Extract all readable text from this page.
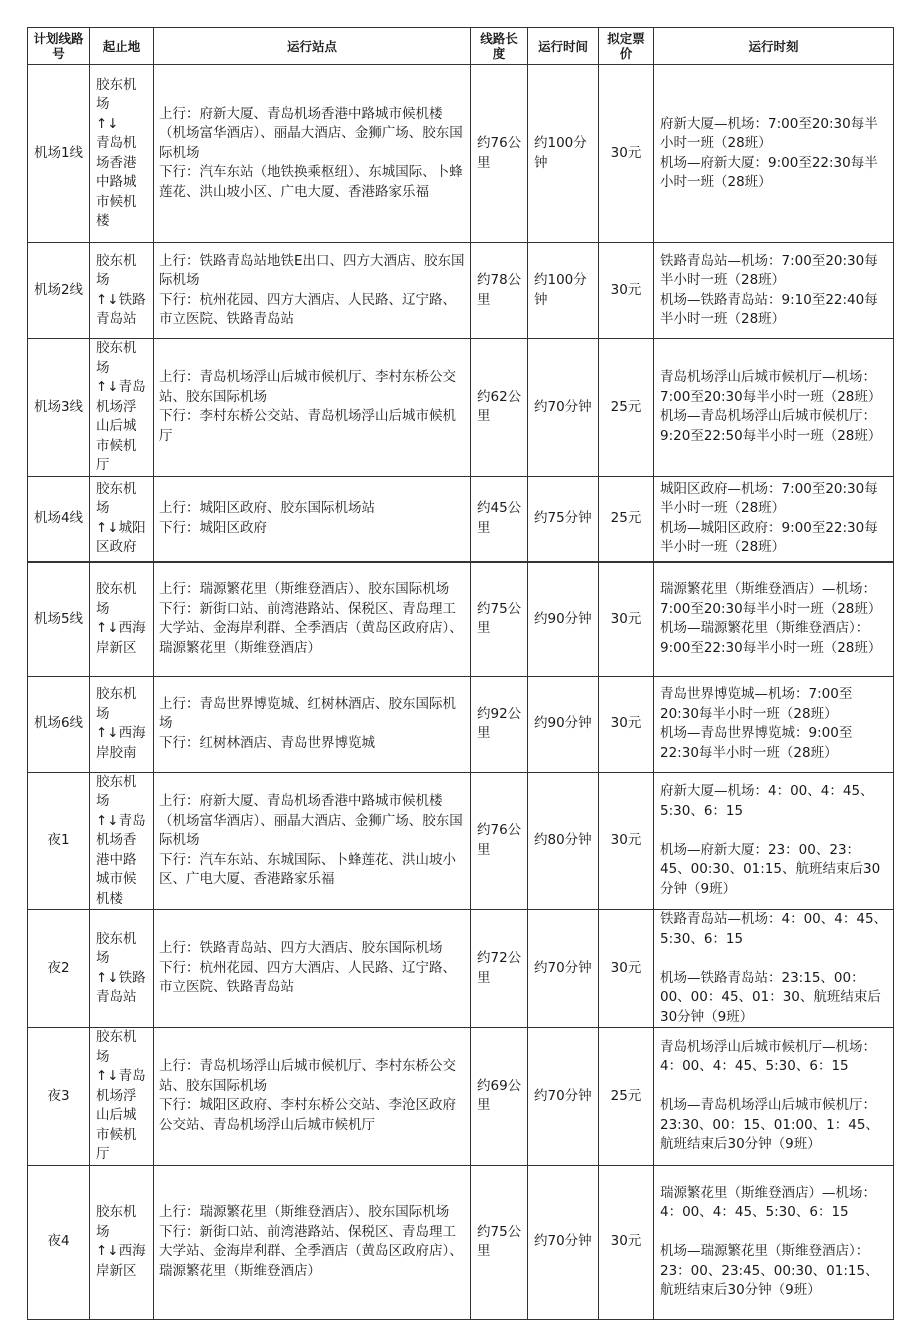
计划线路号	起止地	运行站点	线路长度	运行时间	拟定票价	运行时刻

机场1线	胶东机场
↑↓
青岛机场香港中路城市候机楼	上行：府新大厦、青岛机场香港中路城市候机楼（机场富华酒店）、丽晶大酒店、金狮广场、胶东国际机场
下行：汽车东站（地铁换乘枢纽）、东城国际、卜蜂莲花、洪山坡小区、广电大厦、香港路家乐福	约76公里	约100分钟	30元	府新大厦—机场：7:00至20:30每半小时一班（28班）
机场—府新大厦：9:00至22:30每半小时一班（28班）

机场2线	胶东机场
↑↓铁路青岛站	上行：铁路青岛站地铁E出口、四方大酒店、胶东国际机场
下行：杭州花园、四方大酒店、人民路、辽宁路、市立医院、铁路青岛站	约78公里	约100分钟	30元	铁路青岛站—机场：7:00至20:30每半小时一班（28班）
机场—铁路青岛站：9:10至22:40每半小时一班（28班）

机场3线	胶东机场
↑↓青岛机场浮山后城市候机厅	上行：青岛机场浮山后城市候机厅、李村东桥公交站、胶东国际机场
下行：李村东桥公交站、青岛机场浮山后城市候机厅	约62公里	约70分钟	25元	青岛机场浮山后城市候机厅—机场：7:00至20:30每半小时一班（28班）
机场—青岛机场浮山后城市候机厅：9:20至22:50每半小时一班（28班）

机场4线	胶东机场
↑↓城阳区政府	上行：城阳区政府、胶东国际机场站
下行：城阳区政府	约45公里	约75分钟	25元	城阳区政府—机场：7:00至20:30每半小时一班（28班）
机场—城阳区政府：9:00至22:30每半小时一班（28班）

机场5线	胶东机场
↑↓西海岸新区	上行：瑞源繁花里（斯维登酒店）、胶东国际机场
下行：新街口站、前湾港路站、保税区、青岛理工大学站、金海岸利群、全季酒店（黄岛区政府店）、瑞源繁花里（斯维登酒店）	约75公里	约90分钟	30元	瑞源繁花里（斯维登酒店）—机场：7:00至20:30每半小时一班（28班）
机场—瑞源繁花里（斯维登酒店）：9:00至22:30每半小时一班（28班）

机场6线	胶东机场
↑↓西海岸胶南	上行：青岛世界博览城、红树林酒店、胶东国际机场
下行：红树林酒店、青岛世界博览城	约92公里	约90分钟	30元	青岛世界博览城—机场：7:00至20:30每半小时一班（28班）
机场—青岛世界博览城：9:00至22:30每半小时一班（28班）

夜1	胶东机场
↑↓青岛机场香港中路城市候机楼	上行：府新大厦、青岛机场香港中路城市候机楼（机场富华酒店）、丽晶大酒店、金狮广场、胶东国际机场
下行：汽车东站、东城国际、卜蜂莲花、洪山坡小区、广电大厦、香港路家乐福	约76公里	约80分钟	30元	府新大厦—机场：4：00、4：45、5:30、6：15

机场—府新大厦：23：00、23：45、00:30、01:15、航班结束后30分钟（9班）

夜2	胶东机场
↑↓铁路青岛站	上行：铁路青岛站、四方大酒店、胶东国际机场
下行：杭州花园、四方大酒店、人民路、辽宁路、市立医院、铁路青岛站	约72公里	约70分钟	30元	铁路青岛站—机场：4：00、4：45、5:30、6：15

机场—铁路青岛站：23:15、00：00、00：45、01：30、航班结束后30分钟（9班）

夜3	胶东机场
↑↓青岛机场浮山后城市候机厅	上行：青岛机场浮山后城市候机厅、李村东桥公交站、胶东国际机场
下行：城阳区政府、李村东桥公交站、李沧区政府公交站、青岛机场浮山后城市候机厅	约69公里	约70分钟	25元	青岛机场浮山后城市候机厅—机场：4：00、4：45、5:30、6：15

机场—青岛机场浮山后城市候机厅：23:30、00：15、01:00、1：45、航班结束后30分钟（9班）

夜4	胶东机场
↑↓西海岸新区	上行：瑞源繁花里（斯维登酒店）、胶东国际机场
下行：新街口站、前湾港路站、保税区、青岛理工大学站、金海岸利群、全季酒店（黄岛区政府店）、瑞源繁花里（斯维登酒店）	约75公里	约70分钟	30元	瑞源繁花里（斯维登酒店）—机场：4：00、4：45、5:30、6：15

机场—瑞源繁花里（斯维登酒店）：23：00、23:45、00:30、01:15、航班结束后30分钟（9班）
